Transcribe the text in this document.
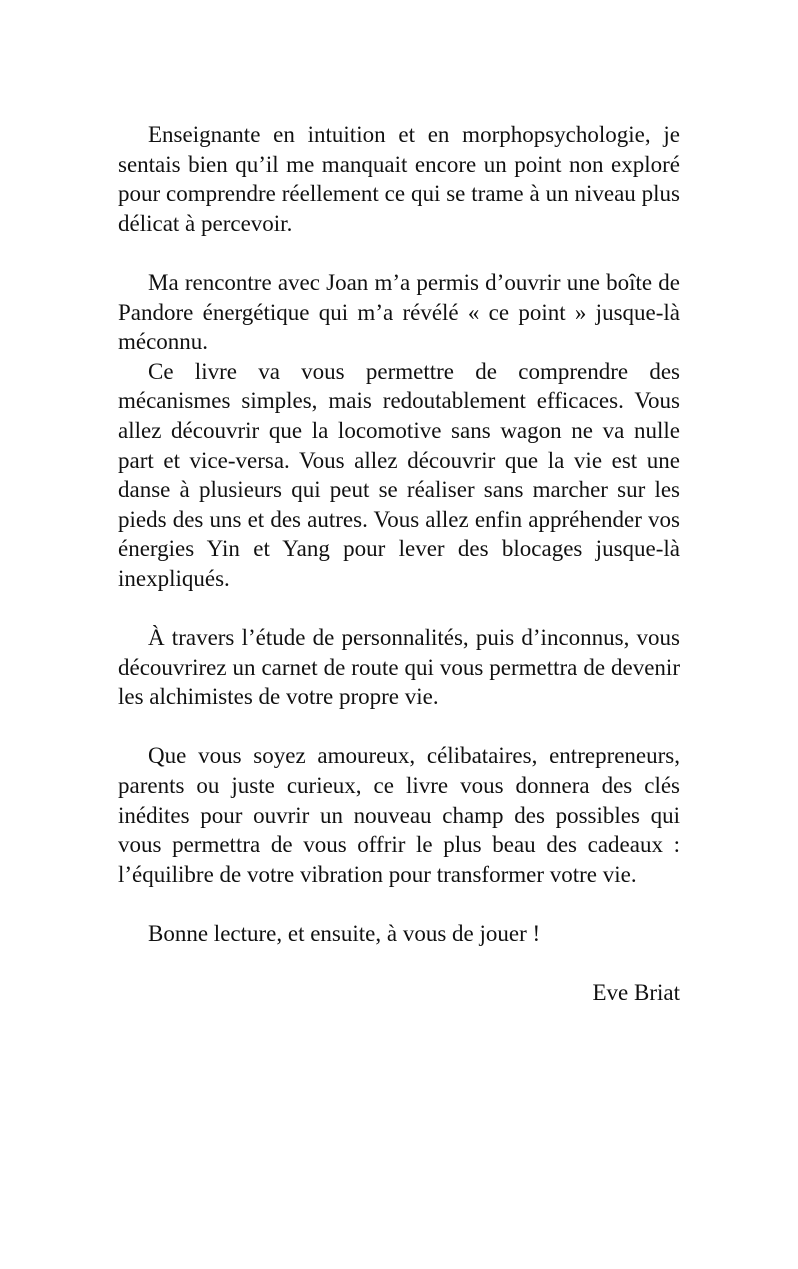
Enseignante en intuition et en morphopsychologie, je sentais bien qu’il me manquait encore un point non exploré pour comprendre réellement ce qui se trame à un niveau plus délicat à percevoir.

Ma rencontre avec Joan m’a permis d’ouvrir une boîte de Pandore énergétique qui m’a révélé « ce point » jusque-là méconnu.

Ce livre va vous permettre de comprendre des mécanismes simples, mais redoutablement efficaces. Vous allez découvrir que la locomotive sans wagon ne va nulle part et vice-versa. Vous allez découvrir que la vie est une danse à plusieurs qui peut se réaliser sans marcher sur les pieds des uns et des autres. Vous allez enfin appréhender vos énergies Yin et Yang pour lever des blocages jusque-là inexpliqués.

À travers l’étude de personnalités, puis d’inconnus, vous découvrirez un carnet de route qui vous permettra de devenir les alchimistes de votre propre vie.

Que vous soyez amoureux, célibataires, entrepreneurs, parents ou juste curieux, ce livre vous donnera des clés inédites pour ouvrir un nouveau champ des possibles qui vous permettra de vous offrir le plus beau des cadeaux : l’équilibre de votre vibration pour transformer votre vie.

Bonne lecture, et ensuite, à vous de jouer !

Eve Briat
